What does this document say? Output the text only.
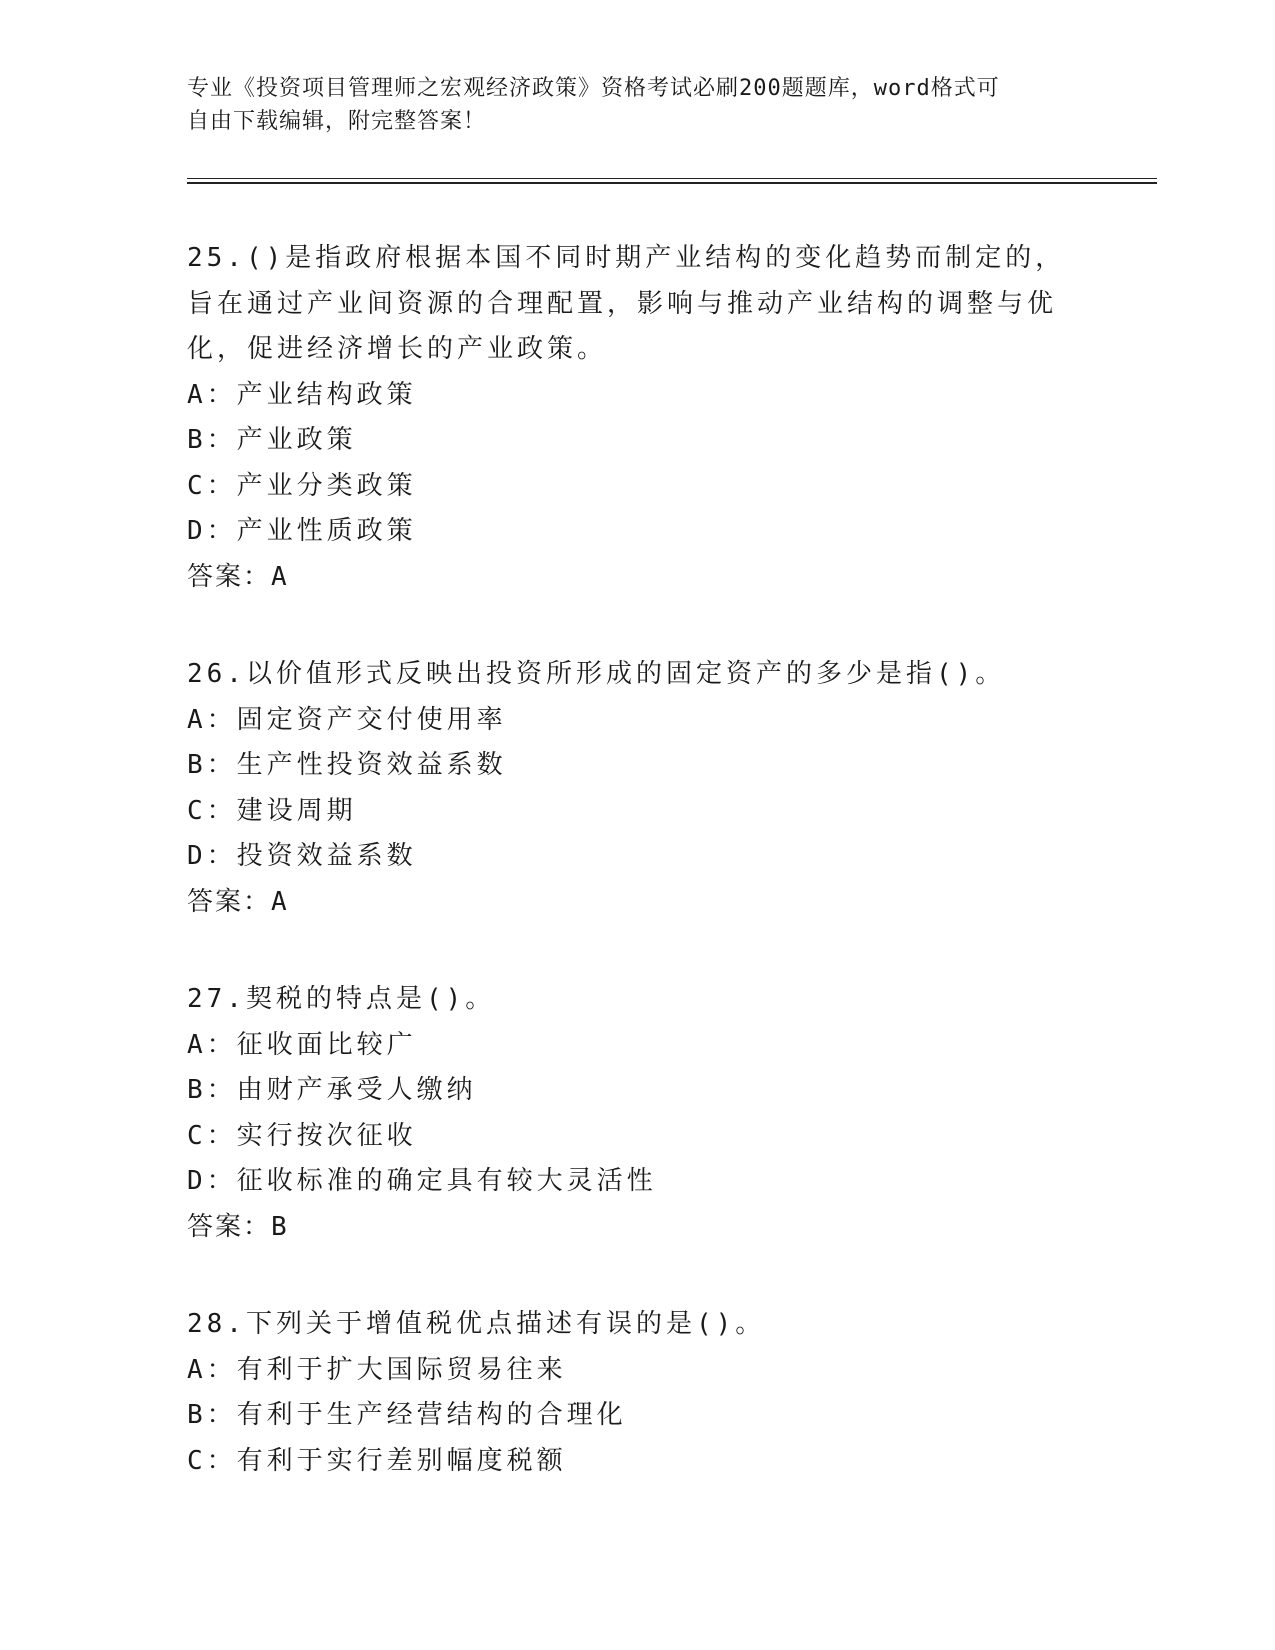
专业《投资项目管理师之宏观经济政策》资格考试必刷200题题库，word格式可
自由下载编辑，附完整答案！
25.()是指政府根据本国不同时期产业结构的变化趋势而制定的，旨在通过产业间资源的合理配置，影响与推动产业结构的调整与优化，促进经济增长的产业政策。
A：产业结构政策
B：产业政策
C：产业分类政策
D：产业性质政策
答案：A
26.以价值形式反映出投资所形成的固定资产的多少是指()。
A：固定资产交付使用率
B：生产性投资效益系数
C：建设周期
D：投资效益系数
答案：A
27.契税的特点是()。
A：征收面比较广
B：由财产承受人缴纳
C：实行按次征收
D：征收标准的确定具有较大灵活性
答案：B
28.下列关于增值税优点描述有误的是()。
A：有利于扩大国际贸易往来
B：有利于生产经营结构的合理化
C：有利于实行差别幅度税额
